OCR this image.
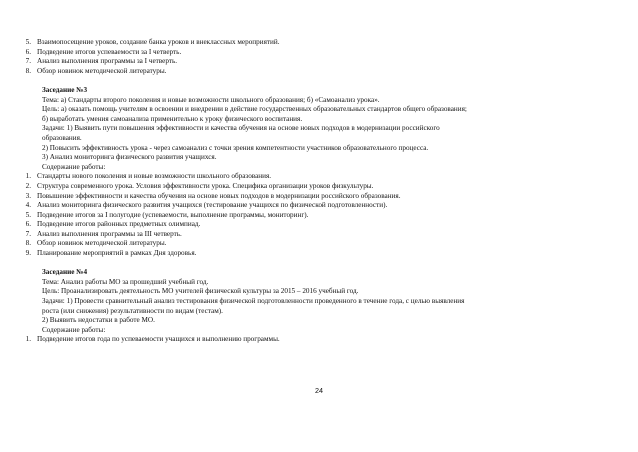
5. Взаимопосещение уроков, создание банка уроков и внеклассных мероприятий.
6. Подведение итогов успеваемости за I четверть.
7. Анализ выполнения программы за I четверть.
8. Обзор новинок методической литературы.
Заседание №3
Тема: а) Стандарты второго поколения и новые возможности школьного образования; б) «Самоанализ урока».
Цель: а) оказать помощь учителям в освоении и внедрении в действие государственных образовательных стандартов общего образования;
б) выработать умения самоанализа применительно к уроку физического воспитания.
Задачи: 1) Выявить пути повышения эффективности и качества обучения на основе новых подходов в модернизации российского
образования.
2) Повысить эффективность урока - через самоанализ с точки зрения компетентности участников образовательного процесса.
3) Анализ мониторинга физического развития учащихся.
Содержание работы:
1. Стандарты нового поколения и новые возможности школьного образования.
2. Структура современного урока. Условия эффективности урока. Специфика организации уроков физкультуры.
3. Повышение эффективности и качества обучения на основе новых подходов в модернизации российского образования.
4. Анализ мониторинга физического развития учащихся (тестирование учащихся по физической подготовленности).
5. Подведение итогов за I полугодие (успеваемости, выполнение программы, мониторинг).
6. Подведение итогов районных предметных олимпиад.
7. Анализ выполнения программы за III четверть.
8. Обзор новинок методической литературы.
9. Планирование мероприятий в рамках Дня здоровья.
Заседание №4
Тема: Анализ работы МО за прошедший учебный год.
Цель: Проанализировать деятельность МО учителей физической культуры за 2015 – 2016 учебный год.
Задачи: 1) Провести сравнительный анализ тестирования физической подготовленности проведенного в течение года, с целью выявления
роста (или снижения) результативности по видам (тестам).
2) Выявить недостатки в работе МО.
Содержание работы:
1. Подведение итогов года по успеваемости учащихся и выполнению программы.
24
